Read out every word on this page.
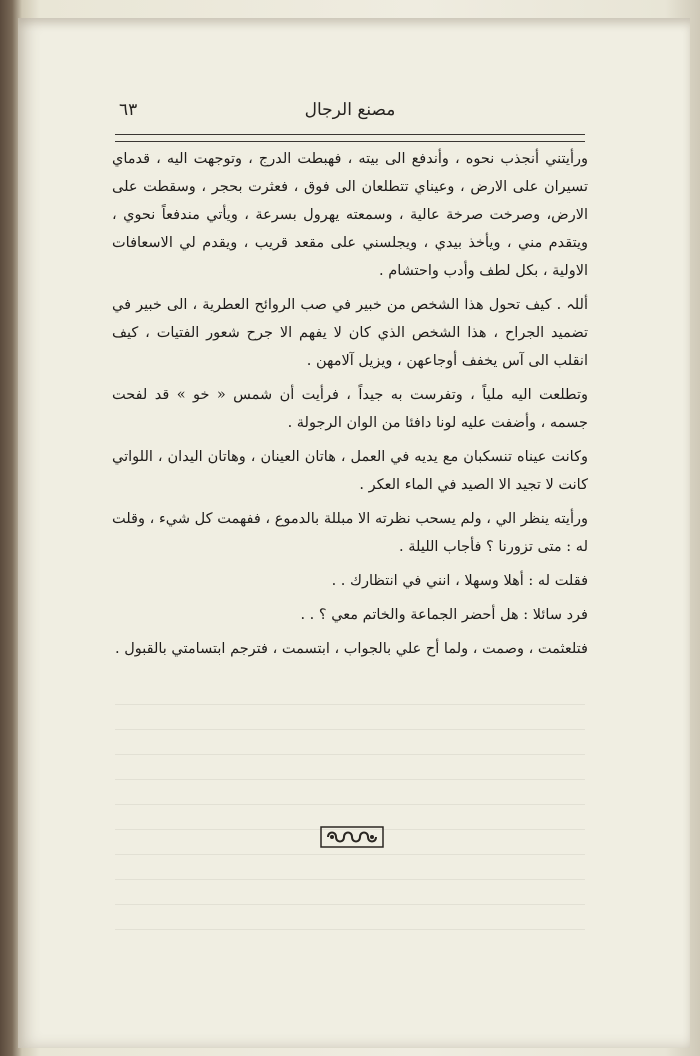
مصنع الرجال
٦٣

ورأيتني أنجذب نحوه ، وأندفع الى بيته ، فهبطت الدرج ، وتوجهت اليه ، قدماي تسيران على الارض ، وعيناي تتطلعان الى فوق ، فعثرت بحجر ، وسقطت على الارض، وصرخت صرخة عالية ، وسمعته يهرول بسرعة ، ويأتي مندفعاً نحوي ، ويتقدم مني ، ويأخذ بيدي ، ويجلسني على مقعد قريب ، ويقدم لي الاسعافات الاولية ، بكل لطف وأدب واحتشام .

أللہ . كيف تحول هذا الشخص من خبير في صب الروائح العطرية ، الى خبير في تضميد الجراح ، هذا الشخص الذي كان لا يفهم الا جرح شعور الفتيات ، كيف انقلب الى آس يخفف أوجاعهن ، ويزيل آلامهن .

وتطلعت اليه ملياً ، وتفرست به جيداً ، فرأيت أن شمس « خو » قد لفحت جسمه ، وأضفت عليه لونا دافئا من الوان الرجولة .

وكانت عيناه تنسكبان مع يديه في العمل ، هاتان العينان ، وهاتان اليدان ، اللواتي كانت لا تجيد الا الصيد في الماء العكر .

ورأيته ينظر الي ، ولم يسحب نظرته الا مبللة بالدموع ، ففهمت كل شيء ، وقلت له : متى تزورنا ؟ فأجاب الليلة .

فقلت له : أهلا وسهلا ، انني في انتظارك . .

فرد سائلا : هل أحضر الجماعة والخاتم معي ؟ . .

فتلعثمت ، وصمت ، ولما أح علي بالجواب ، ابتسمت ، فترجم ابتسامتي بالقبول .
